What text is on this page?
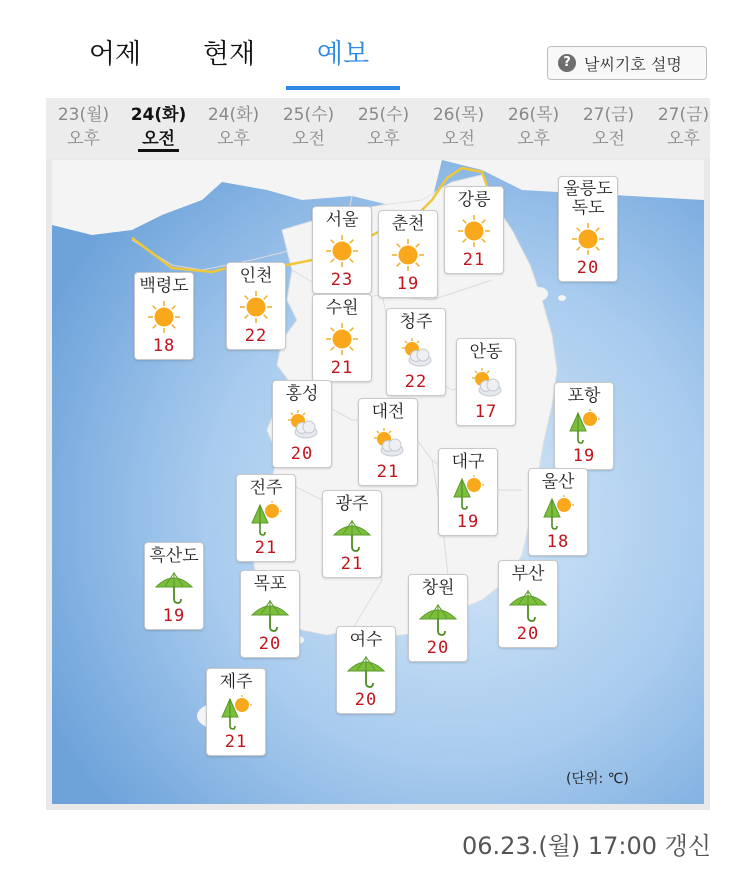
어제	현재	예보	? 날씨기호 설명
23(월)
오후
24(화)
오전
24(화)
오후
25(수)
오전
25(수)
오후
26(목)
오전
26(목)
오후
27(금)
오전
27(금)
오후
서울
23
춘천
19
강릉
21
울릉도
독도
20
백령도
18
인천
22
수원
21
청주
22
안동
17
홍성
20
대전
21
포항
19
대구
19
전주
21
울산
18
광주
21
흑산도
19
목포
20
창원
20
부산
20
여수
20
제주
21
(단위: ℃)
06.23.(월) 17:00 갱신
